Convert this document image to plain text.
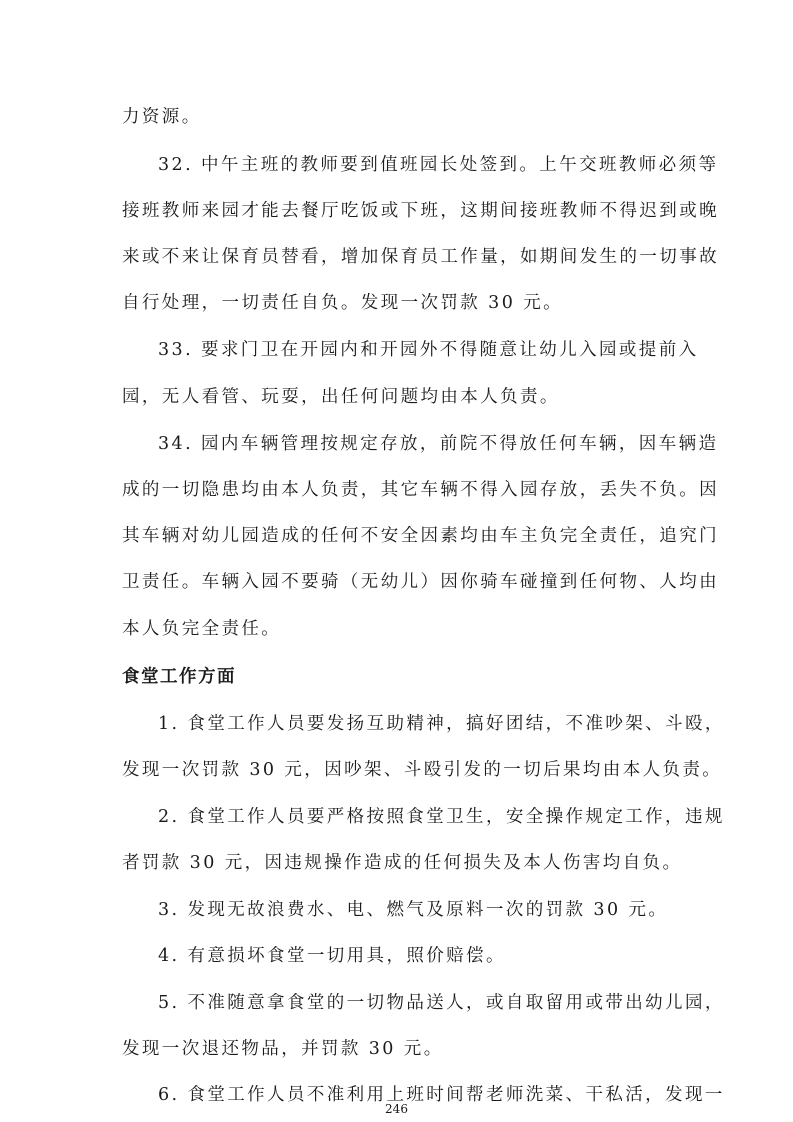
力资源。
32. 中午主班的教师要到值班园长处签到。上午交班教师必须等
接班教师来园才能去餐厅吃饭或下班，这期间接班教师不得迟到或晚
来或不来让保育员替看，增加保育员工作量，如期间发生的一切事故
自行处理，一切责任自负。发现一次罚款 30 元。
33. 要求门卫在开园内和开园外不得随意让幼儿入园或提前入
园，无人看管、玩耍，出任何问题均由本人负责。
34. 园内车辆管理按规定存放，前院不得放任何车辆，因车辆造
成的一切隐患均由本人负责，其它车辆不得入园存放，丢失不负。因
其车辆对幼儿园造成的任何不安全因素均由车主负完全责任，追究门
卫责任。车辆入园不要骑（无幼儿）因你骑车碰撞到任何物、人均由
本人负完全责任。
食堂工作方面
1. 食堂工作人员要发扬互助精神，搞好团结，不准吵架、斗殴，
发现一次罚款 30 元，因吵架、斗殴引发的一切后果均由本人负责。
2. 食堂工作人员要严格按照食堂卫生，安全操作规定工作，违规
者罚款 30 元，因违规操作造成的任何损失及本人伤害均自负。
3. 发现无故浪费水、电、燃气及原料一次的罚款 30 元。
4. 有意损坏食堂一切用具，照价赔偿。
5. 不准随意拿食堂的一切物品送人，或自取留用或带出幼儿园，
发现一次退还物品，并罚款 30 元。
6. 食堂工作人员不准利用上班时间帮老师洗菜、干私活，发现一
246
